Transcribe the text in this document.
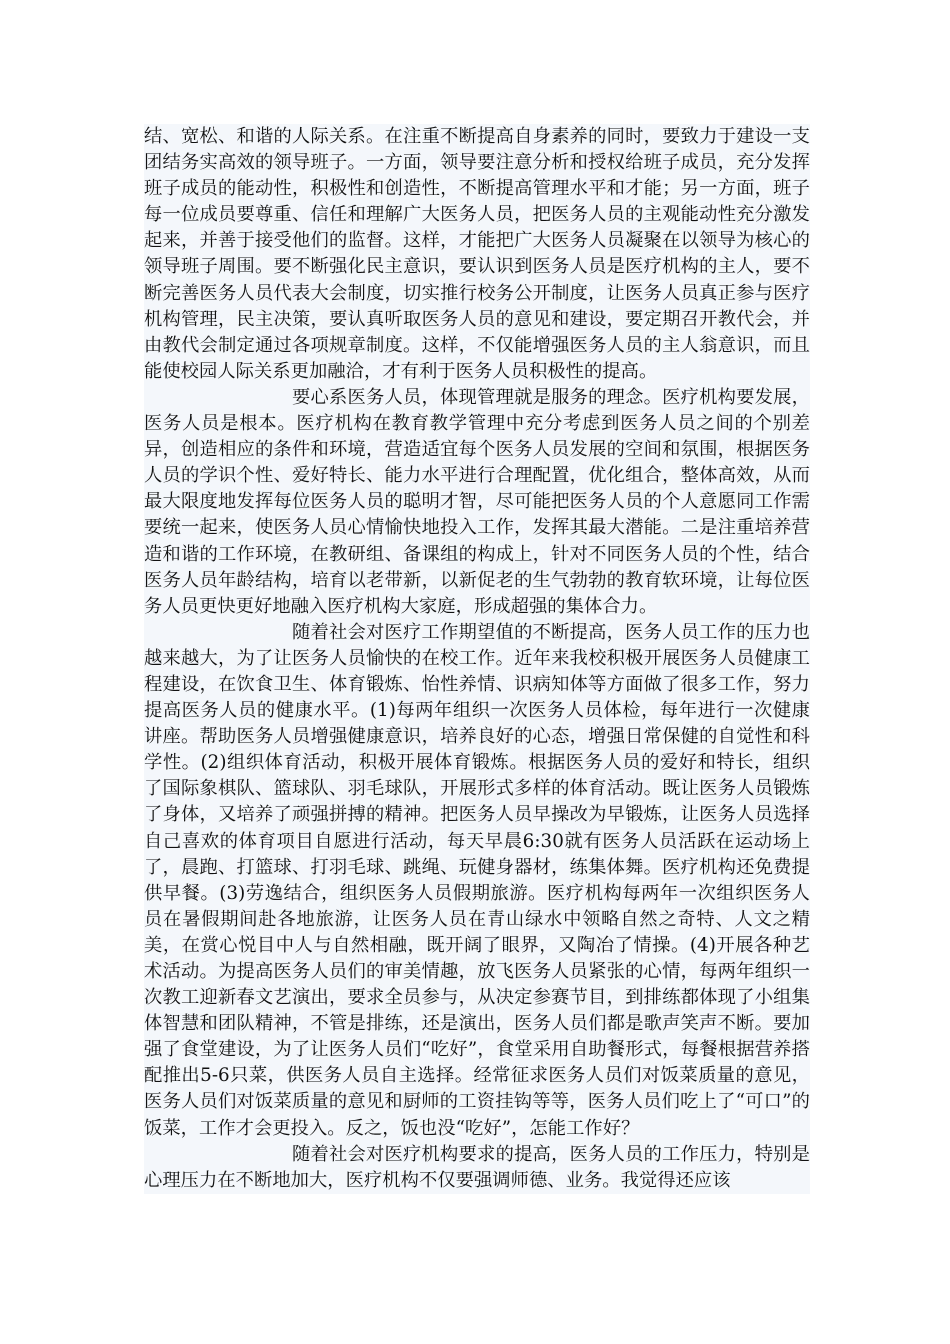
结、宽松、和谐的人际关系。在注重不断提高自身素养的同时，要致力于建设一支团结务实高效的领导班子。一方面，领导要注意分析和授权给班子成员，充分发挥班子成员的能动性，积极性和创造性，不断提高管理水平和才能；另一方面，班子每一位成员要尊重、信任和理解广大医务人员，把医务人员的主观能动性充分激发起来，并善于接受他们的监督。这样，才能把广大医务人员凝聚在以领导为核心的领导班子周围。要不断强化民主意识，要认识到医务人员是医疗机构的主人，要不断完善医务人员代表大会制度，切实推行校务公开制度，让医务人员真正参与医疗机构管理，民主决策，要认真听取医务人员的意见和建设，要定期召开教代会，并由教代会制定通过各项规章制度。这样，不仅能增强医务人员的主人翁意识，而且能使校园人际关系更加融洽，才有利于医务人员积极性的提高。

要心系医务人员，体现管理就是服务的理念。医疗机构要发展，医务人员是根本。医疗机构在教育教学管理中充分考虑到医务人员之间的个别差异，创造相应的条件和环境，营造适宜每个医务人员发展的空间和氛围，根据医务人员的学识个性、爱好特长、能力水平进行合理配置，优化组合，整体高效，从而最大限度地发挥每位医务人员的聪明才智，尽可能把医务人员的个人意愿同工作需要统一起来，使医务人员心情愉快地投入工作，发挥其最大潜能。二是注重培养营造和谐的工作环境，在教研组、备课组的构成上，针对不同医务人员的个性，结合医务人员年龄结构，培育以老带新，以新促老的生气勃勃的教育软环境，让每位医务人员更快更好地融入医疗机构大家庭，形成超强的集体合力。

随着社会对医疗工作期望值的不断提高，医务人员工作的压力也越来越大，为了让医务人员愉快的在校工作。近年来我校积极开展医务人员健康工程建设，在饮食卫生、体育锻炼、怡性养情、识病知体等方面做了很多工作，努力提高医务人员的健康水平。(1)每两年组织一次医务人员体检，每年进行一次健康讲座。帮助医务人员增强健康意识，培养良好的心态，增强日常保健的自觉性和科学性。(2)组织体育活动，积极开展体育锻炼。根据医务人员的爱好和特长，组织了国际象棋队、篮球队、羽毛球队，开展形式多样的体育活动。既让医务人员锻炼了身体，又培养了顽强拼搏的精神。把医务人员早操改为早锻炼，让医务人员选择自己喜欢的体育项目自愿进行活动，每天早晨6:30就有医务人员活跃在运动场上了，晨跑、打篮球、打羽毛球、跳绳、玩健身器材，练集体舞。医疗机构还免费提供早餐。(3)劳逸结合，组织医务人员假期旅游。医疗机构每两年一次组织医务人员在暑假期间赴各地旅游，让医务人员在青山绿水中领略自然之奇特、人文之精美，在赏心悦目中人与自然相融，既开阔了眼界，又陶冶了情操。(4)开展各种艺术活动。为提高医务人员们的审美情趣，放飞医务人员紧张的心情，每两年组织一次教工迎新春文艺演出，要求全员参与，从决定参赛节目，到排练都体现了小组集体智慧和团队精神，不管是排练，还是演出，医务人员们都是歌声笑声不断。要加强了食堂建设，为了让医务人员们“吃好”，食堂采用自助餐形式，每餐根据营养搭配推出5-6只菜，供医务人员自主选择。经常征求医务人员们对饭菜质量的意见，医务人员们对饭菜质量的意见和厨师的工资挂钩等等，医务人员们吃上了“可口”的饭菜，工作才会更投入。反之，饭也没“吃好”，怎能工作好？

随着社会对医疗机构要求的提高，医务人员的工作压力，特别是心理压力在不断地加大，医疗机构不仅要强调师德、业务。我觉得还应该
